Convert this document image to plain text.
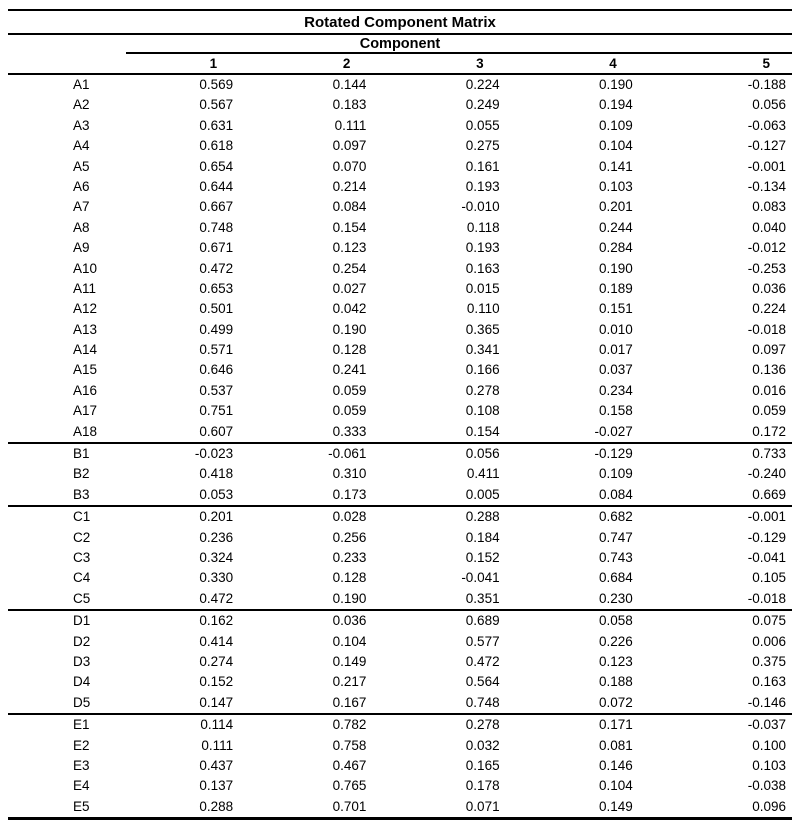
Rotated Component Matrix
Component
1	2	3	4	5
A1	0.569	0.144	0.224	0.190	-0.188
A2	0.567	0.183	0.249	0.194	0.056
A3	0.631	0.111	0.055	0.109	-0.063
A4	0.618	0.097	0.275	0.104	-0.127
A5	0.654	0.070	0.161	0.141	-0.001
A6	0.644	0.214	0.193	0.103	-0.134
A7	0.667	0.084	-0.010	0.201	0.083
A8	0.748	0.154	0.118	0.244	0.040
A9	0.671	0.123	0.193	0.284	-0.012
A10	0.472	0.254	0.163	0.190	-0.253
A11	0.653	0.027	0.015	0.189	0.036
A12	0.501	0.042	0.110	0.151	0.224
A13	0.499	0.190	0.365	0.010	-0.018
A14	0.571	0.128	0.341	0.017	0.097
A15	0.646	0.241	0.166	0.037	0.136
A16	0.537	0.059	0.278	0.234	0.016
A17	0.751	0.059	0.108	0.158	0.059
A18	0.607	0.333	0.154	-0.027	0.172
B1	-0.023	-0.061	0.056	-0.129	0.733
B2	0.418	0.310	0.411	0.109	-0.240
B3	0.053	0.173	0.005	0.084	0.669
C1	0.201	0.028	0.288	0.682	-0.001
C2	0.236	0.256	0.184	0.747	-0.129
C3	0.324	0.233	0.152	0.743	-0.041
C4	0.330	0.128	-0.041	0.684	0.105
C5	0.472	0.190	0.351	0.230	-0.018
D1	0.162	0.036	0.689	0.058	0.075
D2	0.414	0.104	0.577	0.226	0.006
D3	0.274	0.149	0.472	0.123	0.375
D4	0.152	0.217	0.564	0.188	0.163
D5	0.147	0.167	0.748	0.072	-0.146
E1	0.114	0.782	0.278	0.171	-0.037
E2	0.111	0.758	0.032	0.081	0.100
E3	0.437	0.467	0.165	0.146	0.103
E4	0.137	0.765	0.178	0.104	-0.038
E5	0.288	0.701	0.071	0.149	0.096
